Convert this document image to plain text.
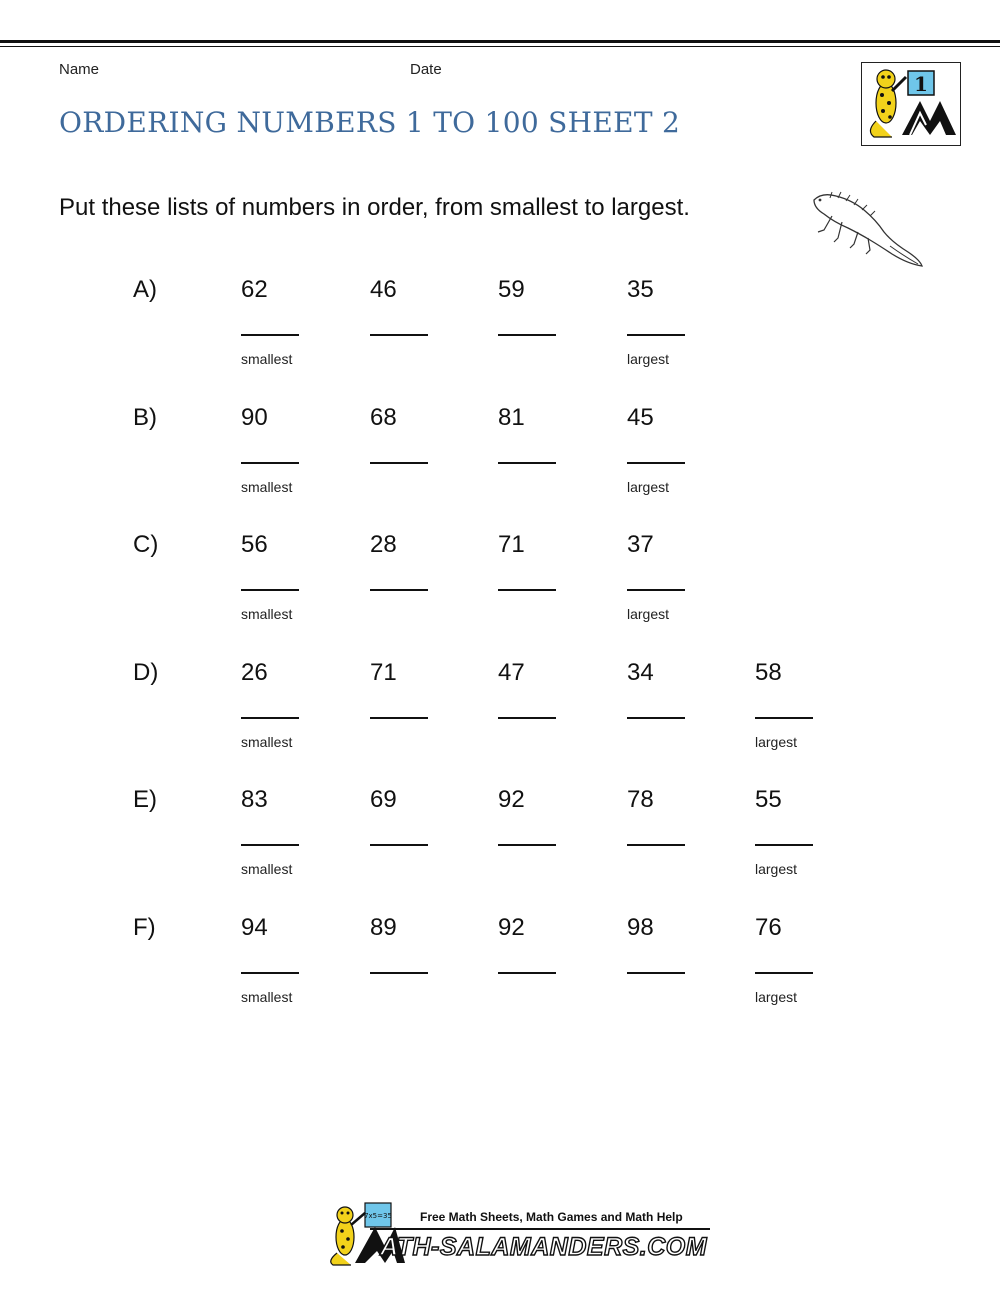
Name	Date
ORDERING NUMBERS 1 TO 100 SHEET 2
1
Put these lists of numbers in order, from smallest to largest.
A)	62	46	59	35
smallest	largest
B)	90	68	81	45
smallest	largest
C)	56	28	71	37
smallest	largest
D)	26	71	47	34	58
smallest	largest
E)	83	69	92	78	55
smallest	largest
F)	94	89	92	98	76
smallest	largest
7x5=35 Free Math Sheets, Math Games and Math Help
ATH-SALAMANDERS.COM
